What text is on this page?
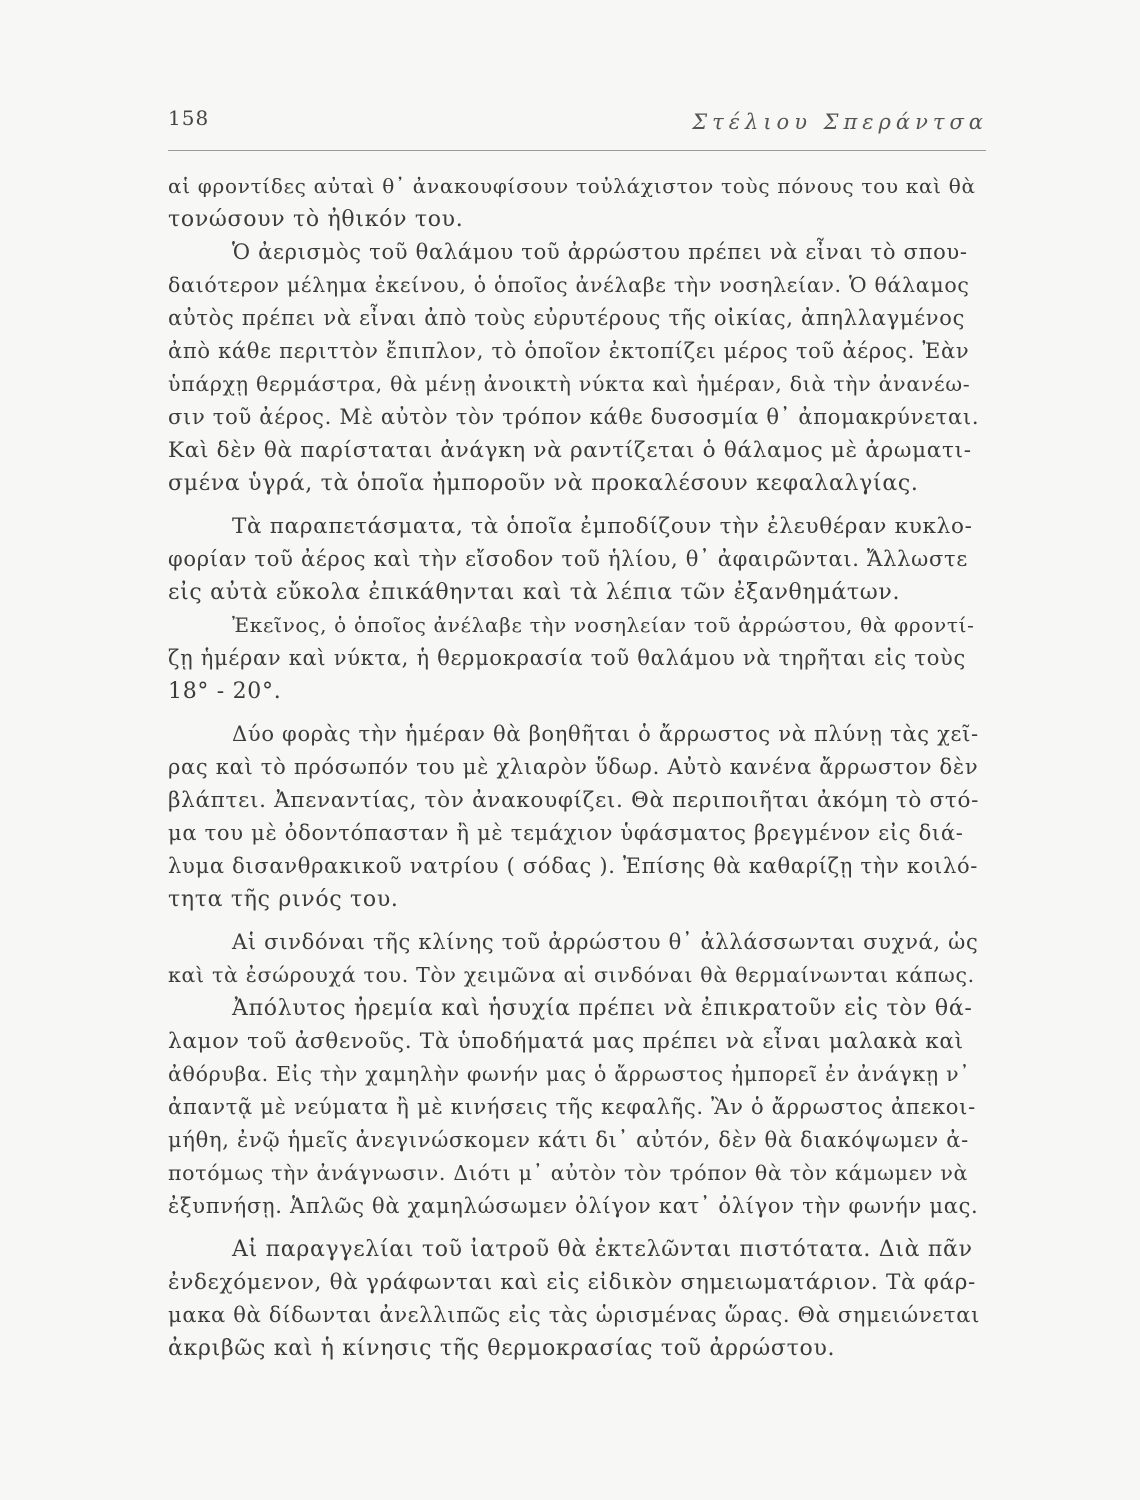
158	Στέλιου Σπεράντσα
αἱ φροντίδες αὐταὶ θ᾽ ἀνακουφίσουν τοὐλάχιστον τοὺς πόνους του καὶ θὰ
τονώσουν τὸ ἠθικόν του.
Ὁ ἀερισμὸς τοῦ θαλάμου τοῦ ἀρρώστου πρέπει νὰ εἶναι τὸ σπου-
δαιότερον μέλημα ἐκείνου, ὁ ὁποῖος ἀνέλαβε τὴν νοσηλείαν. Ὁ θάλαμος
αὐτὸς πρέπει νὰ εἶναι ἀπὸ τοὺς εὐρυτέρους τῆς οἰκίας, ἀπηλλαγμένος
ἀπὸ κάθε περιττὸν ἔπιπλον, τὸ ὁποῖον ἐκτοπίζει μέρος τοῦ ἀέρος. Ἐὰν
ὑπάρχῃ θερμάστρα, θὰ μένῃ ἀνοικτὴ νύκτα καὶ ἡμέραν, διὰ τὴν ἀνανέω-
σιν τοῦ ἀέρος. Μὲ αὐτὸν τὸν τρόπον κάθε δυσοσμία θ᾽ ἀπομακρύνεται.
Καὶ δὲν θὰ παρίσταται ἀνάγκη νὰ ραντίζεται ὁ θάλαμος μὲ ἀρωματι-
σμένα ὑγρά, τὰ ὁποῖα ἠμποροῦν νὰ προκαλέσουν κεφαλαλγίας.
Τὰ παραπετάσματα, τὰ ὁποῖα ἐμποδίζουν τὴν ἐλευθέραν κυκλο-
φορίαν τοῦ ἀέρος καὶ τὴν εἴσοδον τοῦ ἡλίου, θ᾽ ἀφαιρῶνται. Ἄλλωστε
εἰς αὐτὰ εὔκολα ἐπικάθηνται καὶ τὰ λέπια τῶν ἐξανθημάτων.
Ἐκεῖνος, ὁ ὁποῖος ἀνέλαβε τὴν νοσηλείαν τοῦ ἀρρώστου, θὰ φροντί-
ζῃ ἡμέραν καὶ νύκτα, ἡ θερμοκρασία τοῦ θαλάμου νὰ τηρῆται εἰς τοὺς
18° - 20°.
Δύο φορὰς τὴν ἡμέραν θὰ βοηθῆται ὁ ἄρρωστος νὰ πλύνῃ τὰς χεῖ-
ρας καὶ τὸ πρόσωπόν του μὲ χλιαρὸν ὕδωρ. Αὐτὸ κανένα ἄρρωστον δὲν
βλάπτει. Ἀπεναντίας, τὸν ἀνακουφίζει. Θὰ περιποιῆται ἀκόμη τὸ στό-
μα του μὲ ὀδοντόπασταν ἢ μὲ τεμάχιον ὑφάσματος βρεγμένον εἰς διά-
λυμα δισανθρακικοῦ νατρίου ( σόδας ). Ἐπίσης θὰ καθαρίζῃ τὴν κοιλό-
τητα τῆς ρινός του.
Αἱ σινδόναι τῆς κλίνης τοῦ ἀρρώστου θ᾽ ἀλλάσσωνται συχνά, ὡς
καὶ τὰ ἐσώρουχά του. Τὸν χειμῶνα αἱ σινδόναι θὰ θερμαίνωνται κάπως.
Ἀπόλυτος ἠρεμία καὶ ἡσυχία πρέπει νὰ ἐπικρατοῦν εἰς τὸν θά-
λαμον τοῦ ἀσθενοῦς. Τὰ ὑποδήματά μας πρέπει νὰ εἶναι μαλακὰ καὶ
ἀθόρυβα. Εἰς τὴν χαμηλὴν φωνήν μας ὁ ἄρρωστος ἠμπορεῖ ἐν ἀνάγκῃ ν᾽
ἀπαντᾷ μὲ νεύματα ἢ μὲ κινήσεις τῆς κεφαλῆς. Ἂν ὁ ἄρρωστος ἀπεκοι-
μήθη, ἐνῷ ἡμεῖς ἀνεγινώσκομεν κάτι δι᾽ αὐτόν, δὲν θὰ διακόψωμεν ἀ-
ποτόμως τὴν ἀνάγνωσιν. Διότι μ᾽ αὐτὸν τὸν τρόπον θὰ τὸν κάμωμεν νὰ
ἐξυπνήσῃ. Ἁπλῶς θὰ χαμηλώσωμεν ὀλίγον κατ᾽ ὀλίγον τὴν φωνήν μας.
Αἱ παραγγελίαι τοῦ ἰατροῦ θὰ ἐκτελῶνται πιστότατα. Διὰ πᾶν
ἐνδεχόμενον, θὰ γράφωνται καὶ εἰς εἰδικὸν σημειωματάριον. Τὰ φάρ-
μακα θὰ δίδωνται ἀνελλιπῶς εἰς τὰς ὡρισμένας ὥρας. Θὰ σημειώνεται
ἀκριβῶς καὶ ἡ κίνησις τῆς θερμοκρασίας τοῦ ἀρρώστου.
